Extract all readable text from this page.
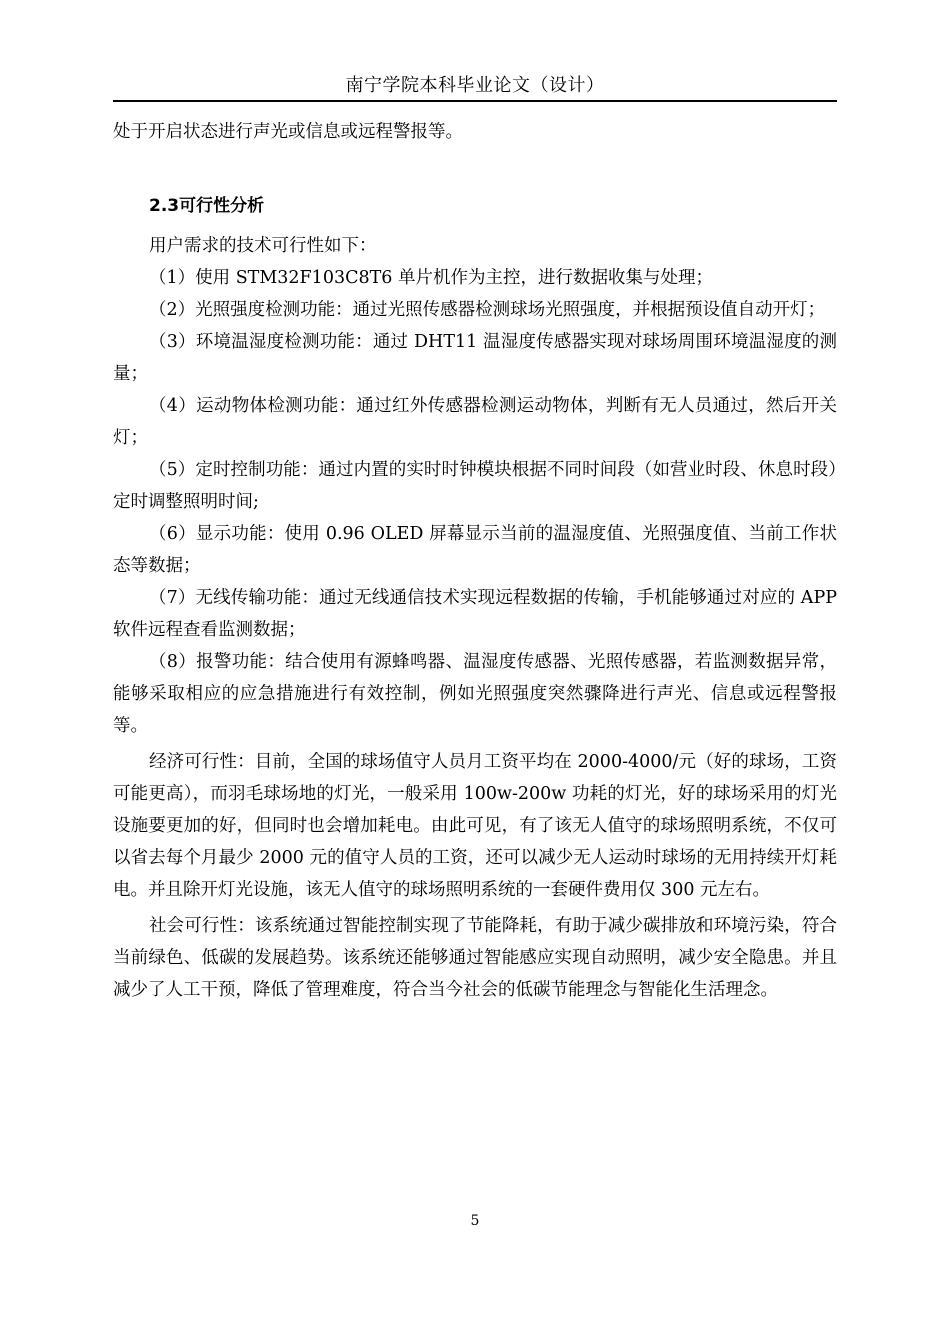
南宁学院本科毕业论文（设计）

处于开启状态进行声光或信息或远程警报等。

2.3可行性分析

用户需求的技术可行性如下：

（1）使用 STM32F103C8T6 单片机作为主控，进行数据收集与处理；

（2）光照强度检测功能：通过光照传感器检测球场光照强度，并根据预设值自动开灯；

（3）环境温湿度检测功能：通过 DHT11 温湿度传感器实现对球场周围环境温湿度的测量；

（4）运动物体检测功能：通过红外传感器检测运动物体，判断有无人员通过，然后开关灯；

（5）定时控制功能：通过内置的实时时钟模块根据不同时间段（如营业时段、休息时段）定时调整照明时间;

（6）显示功能：使用 0.96 OLED 屏幕显示当前的温湿度值、光照强度值、当前工作状态等数据；

（7）无线传输功能：通过无线通信技术实现远程数据的传输，手机能够通过对应的 APP 软件远程查看监测数据；

（8）报警功能：结合使用有源蜂鸣器、温湿度传感器、光照传感器，若监测数据异常，能够采取相应的应急措施进行有效控制，例如光照强度突然骤降进行声光、信息或远程警报等。

经济可行性：目前，全国的球场值守人员月工资平均在 2000-4000/元（好的球场，工资可能更高），而羽毛球场地的灯光，一般采用 100w-200w 功耗的灯光，好的球场采用的灯光设施要更加的好，但同时也会增加耗电。由此可见，有了该无人值守的球场照明系统，不仅可以省去每个月最少 2000 元的值守人员的工资，还可以减少无人运动时球场的无用持续开灯耗电。并且除开灯光设施，该无人值守的球场照明系统的一套硬件费用仅 300 元左右。

社会可行性：该系统通过智能控制实现了节能降耗，有助于减少碳排放和环境污染，符合当前绿色、低碳的发展趋势。该系统还能够通过智能感应实现自动照明，减少安全隐患。并且减少了人工干预，降低了管理难度，符合当今社会的低碳节能理念与智能化生活理念。

5
